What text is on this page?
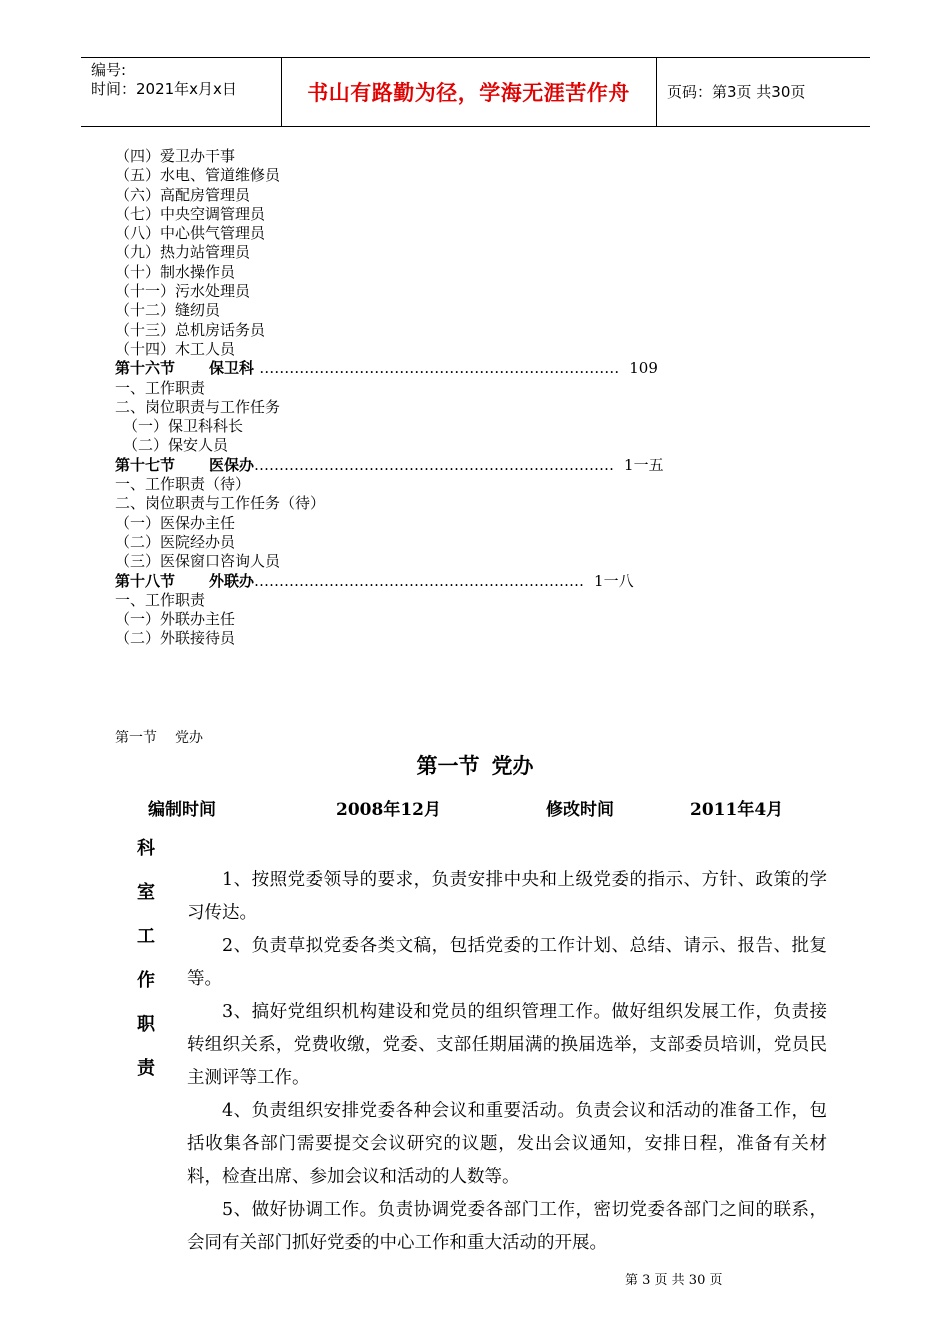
编号:
时间：2021年x月x日	书山有路勤为径，学海无涯苦作舟 页码：第3页 共30页
（四）爱卫办干事
（五）水电、管道维修员
（六）高配房管理员
（七）中央空调管理员
（八）中心供气管理员
（九）热力站管理员
（十）制水操作员
（十一）污水处理员
（十二）缝纫员
（十三）总机房话务员
（十四）木工人员
第十六节 保卫科 ……………………………………………………………… 109
一、工作职责
二、岗位职责与工作任务
（一）保卫科科长
（二）保安人员
第十七节 医保办……………………………………………………………… 1一五
一、工作职责（待）
二、岗位职责与工作任务（待）
（一）医保办主任
（二）医院经办员
（三）医保窗口咨询人员
第十八节 外联办………………………………………………………… 1一八
一、工作职责
（一）外联办主任
（二）外联接待员
第一节 党办
第一节 党办
编制时间	2008年12月	修改时间	2011年4月
科
室
工
作
职
责

1、按照党委领导的要求，负责安排中央和上级党委的指示、方针、政策的学习传达。

2、负责草拟党委各类文稿，包括党委的工作计划、总结、请示、报告、批复等。

3、搞好党组织机构建设和党员的组织管理工作。做好组织发展工作，负责接转组织关系，党费收缴，党委、支部任期届满的换届选举，支部委员培训，党员民主测评等工作。

4、负责组织安排党委各种会议和重要活动。负责会议和活动的准备工作，包括收集各部门需要提交会议研究的议题，发出会议通知，安排日程，准备有关材料，检查出席、参加会议和活动的人数等。

5、做好协调工作。负责协调党委各部门工作，密切党委各部门之间的联系，会同有关部门抓好党委的中心工作和重大活动的开展。

第 3 页 共 30 页
